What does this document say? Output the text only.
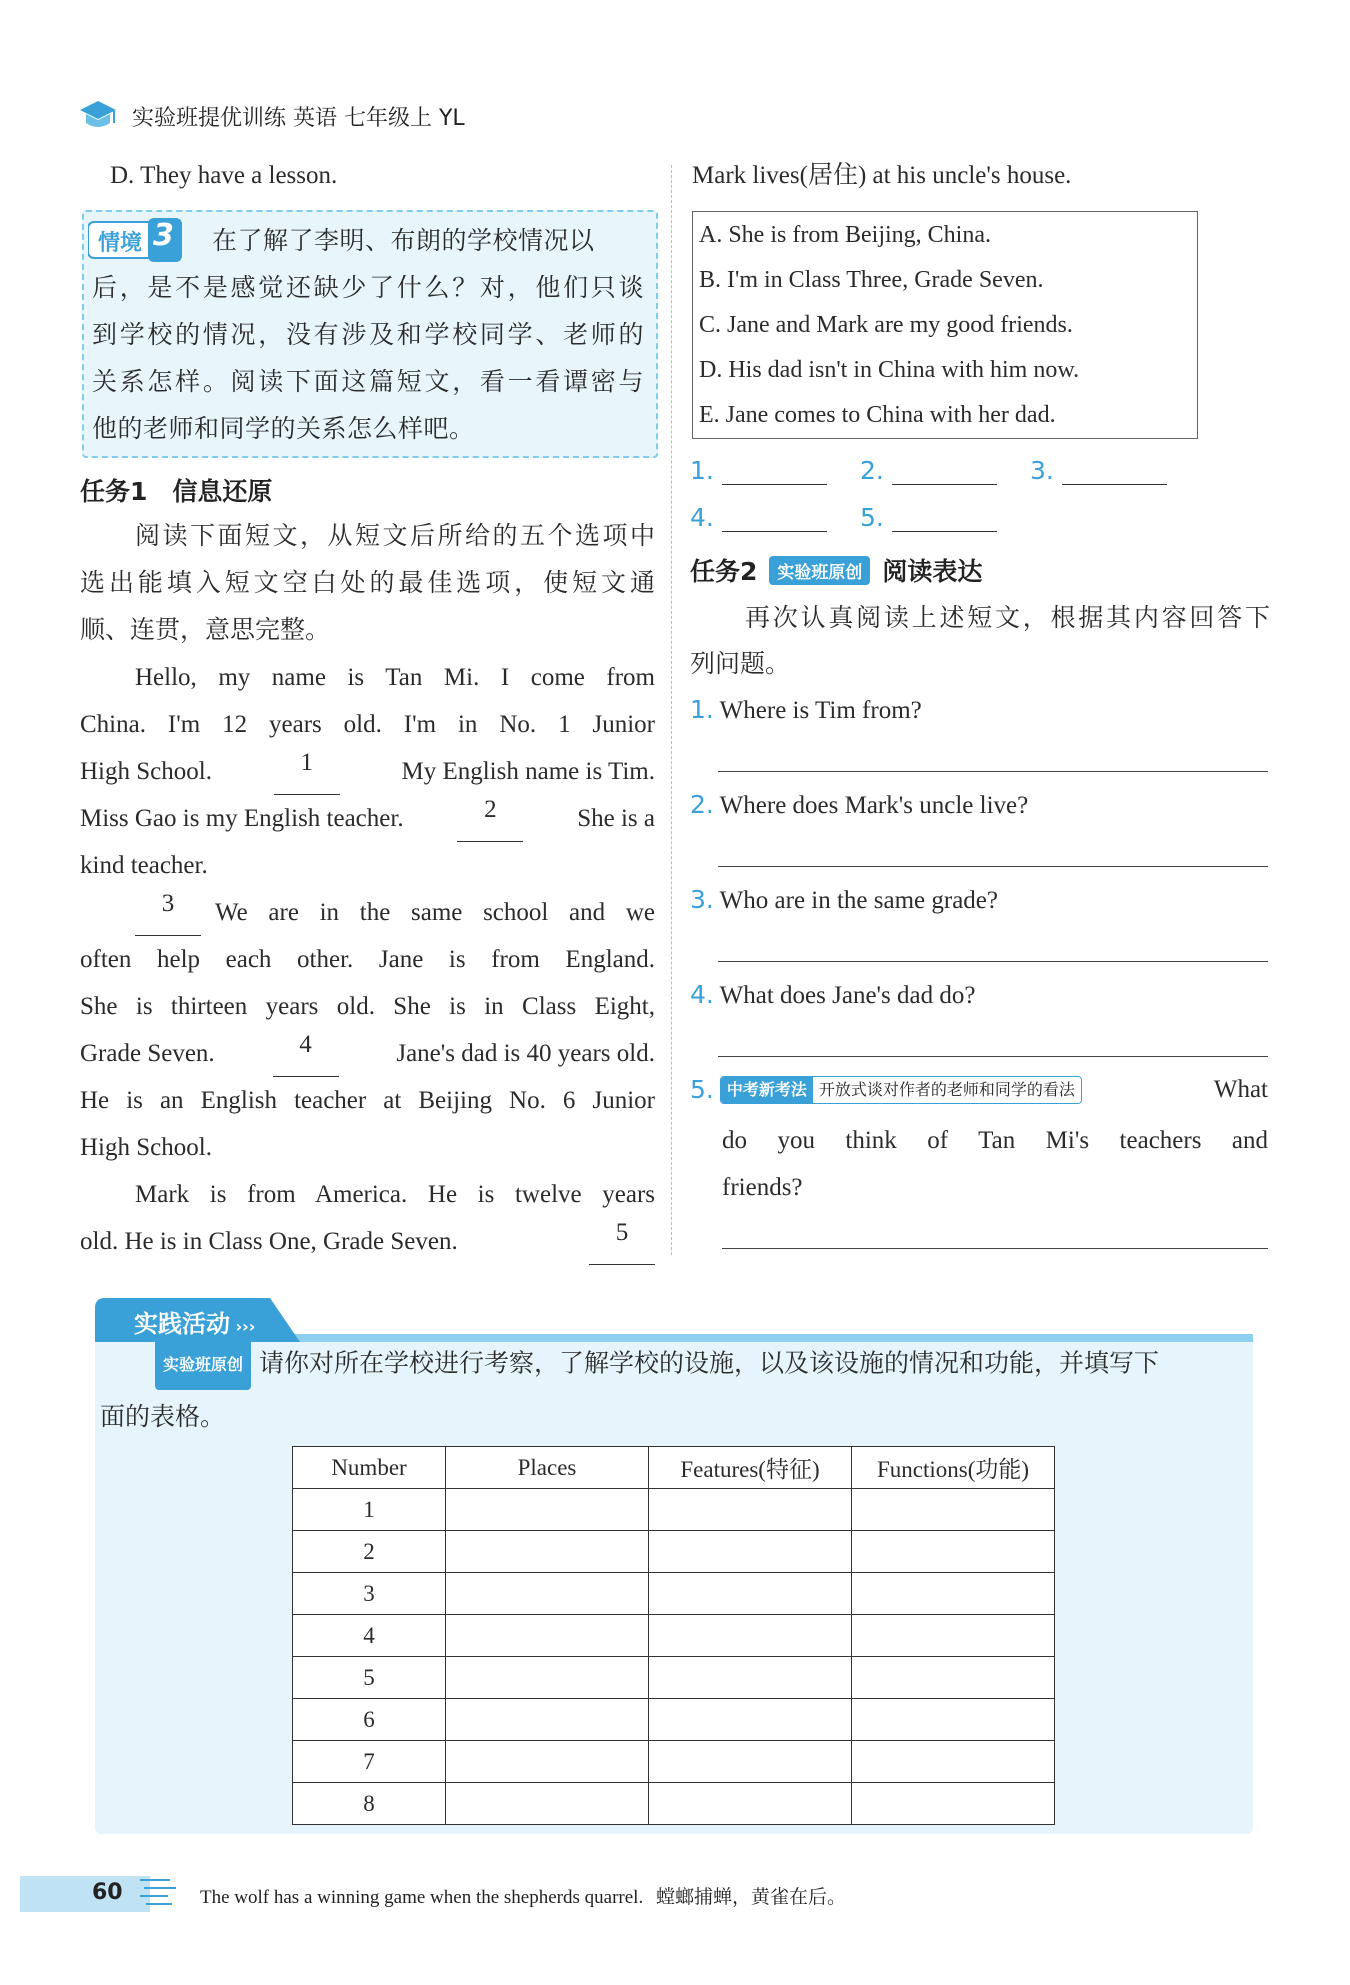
实验班提优训练 英语 七年级上 YL
D. They have a lesson.
情境 3 在了解了李明、布朗的学校情况以
后，是不是感觉还缺少了什么？对，他们只谈
到学校的情况，没有涉及和学校同学、老师的
关系怎样。阅读下面这篇短文，看一看谭密与
他的老师和同学的关系怎么样吧。
任务1　信息还原
阅读下面短文，从短文后所给的五个选项中
选出能填入短文空白处的最佳选项，使短文通
顺、连贯，意思完整。
Hello, my name is Tan Mi. I come from
China. I'm 12 years old. I'm in No. 1 Junior
High School.	1	My English name is Tim.
Miss Gao is my English teacher.	2	She is a
kind teacher.
3	We are in the same school and we
often help each other. Jane is from England.
She is thirteen years old. She is in Class Eight,
Grade Seven.	4	Jane's dad is 40 years old.
He is an English teacher at Beijing No. 6 Junior
High School.
Mark is from America. He is twelve years
old. He is in Class One, Grade Seven.	5
Mark lives(居住) at his uncle's house.
A. She is from Beijing, China.
B. I'm in Class Three, Grade Seven.
C. Jane and Mark are my good friends.
D. His dad isn't in China with him now.
E. Jane comes to China with her dad.
1.	2.	3.
4.	5.
任务2	实验班原创 阅读表达
再次认真阅读上述短文，根据其内容回答下
列问题。
1. Where is Tim from?
2. Where does Mark's uncle live?
3. Who are in the same grade?
4. What does Jane's dad do?
5. 中考新考法 开放式谈对作者的老师和同学的看法	What
do you think of Tan Mi's teachers and
friends?
实践活动 ›››
实验班原创 请你对所在学校进行考察，了解学校的设施，以及该设施的情况和功能，并填写下
面的表格。
Number	Places	Features(特征)	Functions(功能)
1			
2			
3			
4			
5			
6			
7			
8			
60	The wolf has a winning game when the shepherds quarrel. 螳螂捕蝉，黄雀在后。
